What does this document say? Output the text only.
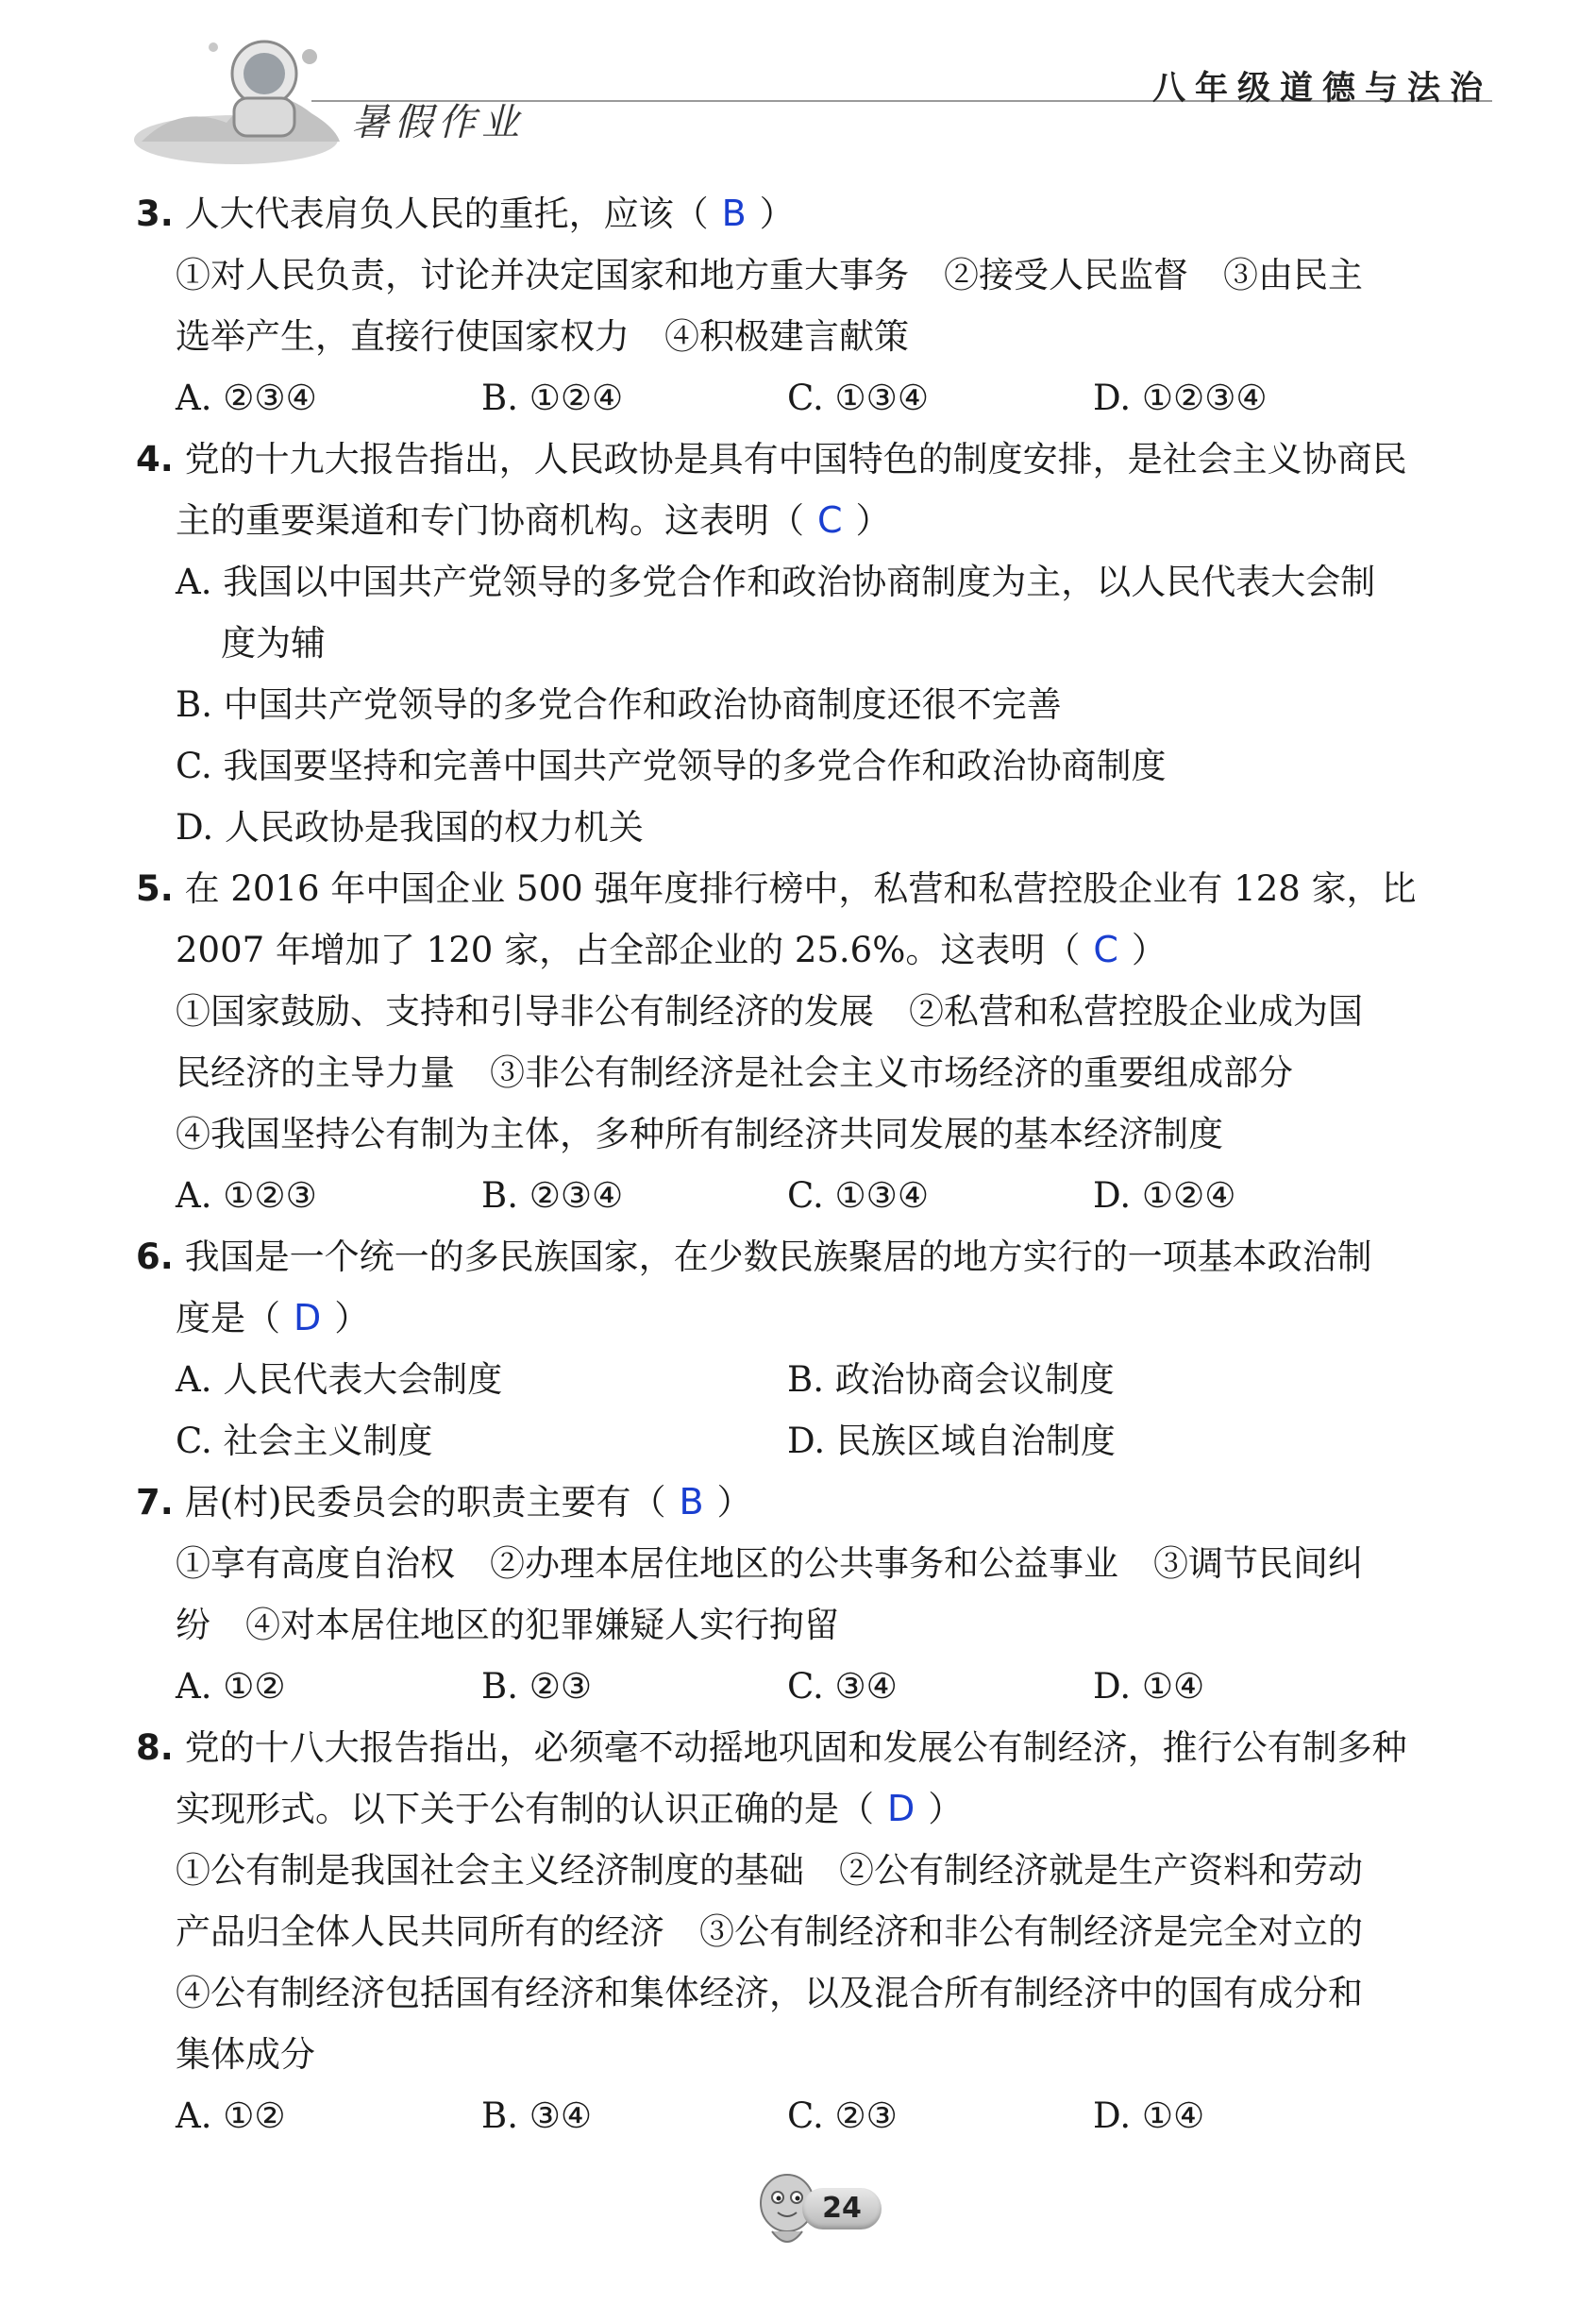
暑假作业
八年级道德与法治
3. 人大代表肩负人民的重托，应该（ B ）
①对人民负责，讨论并决定国家和地方重大事务　②接受人民监督　③由民主
选举产生，直接行使国家权力　④积极建言献策
A. ②③④	B. ①②④	C. ①③④	D. ①②③④
4. 党的十九大报告指出，人民政协是具有中国特色的制度安排，是社会主义协商民
主的重要渠道和专门协商机构。这表明（ C ）
A. 我国以中国共产党领导的多党合作和政治协商制度为主，以人民代表大会制
度为辅
B. 中国共产党领导的多党合作和政治协商制度还很不完善
C. 我国要坚持和完善中国共产党领导的多党合作和政治协商制度
D. 人民政协是我国的权力机关
5. 在 2016 年中国企业 500 强年度排行榜中，私营和私营控股企业有 128 家，比
2007 年增加了 120 家，占全部企业的 25.6%。这表明（ C ）
①国家鼓励、支持和引导非公有制经济的发展　②私营和私营控股企业成为国
民经济的主导力量　③非公有制经济是社会主义市场经济的重要组成部分
④我国坚持公有制为主体，多种所有制经济共同发展的基本经济制度
A. ①②③	B. ②③④	C. ①③④	D. ①②④
6. 我国是一个统一的多民族国家，在少数民族聚居的地方实行的一项基本政治制
度是（ D ）
A. 人民代表大会制度	B. 政治协商会议制度
C. 社会主义制度	D. 民族区域自治制度
7. 居(村)民委员会的职责主要有（ B ）
①享有高度自治权　②办理本居住地区的公共事务和公益事业　③调节民间纠
纷　④对本居住地区的犯罪嫌疑人实行拘留
A. ①②	B. ②③	C. ③④	D. ①④
8. 党的十八大报告指出，必须毫不动摇地巩固和发展公有制经济，推行公有制多种
实现形式。以下关于公有制的认识正确的是（ D ）
①公有制是我国社会主义经济制度的基础　②公有制经济就是生产资料和劳动
产品归全体人民共同所有的经济　③公有制经济和非公有制经济是完全对立的
④公有制经济包括国有经济和集体经济，以及混合所有制经济中的国有成分和
集体成分
A. ①②	B. ③④	C. ②③	D. ①④
24
